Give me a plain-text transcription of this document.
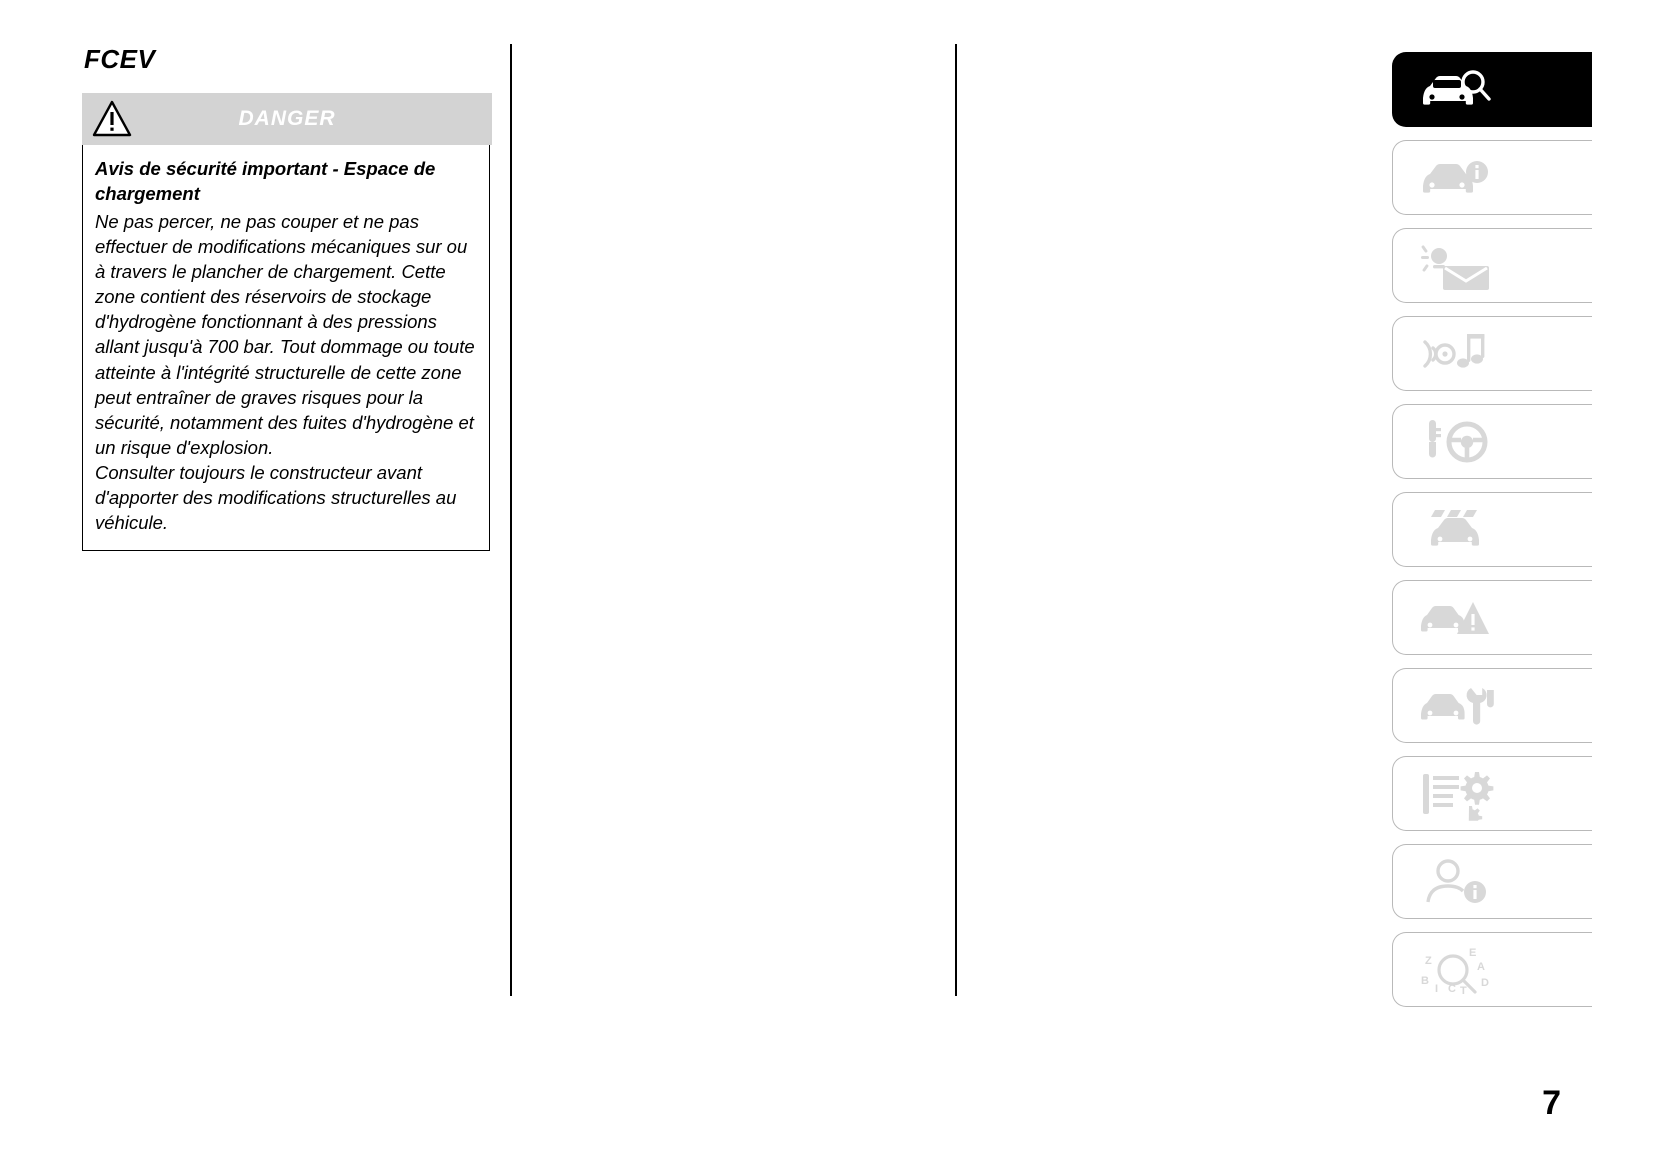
FCEV
DANGER
Avis de sécurité important - Espace de chargement

Ne pas percer, ne pas couper et ne pas effectuer de modifications mécaniques sur ou à travers le plancher de chargement. Cette zone contient des réservoirs de stockage d'hydrogène fonctionnant à des pressions allant jusqu'à 700 bar. Tout dommage ou toute atteinte à l'intégrité structurelle de cette zone peut entraîner de graves risques pour la sécurité, notamment des fuites d'hydrogène et un risque d'explosion.

Consulter toujours le constructeur avant d'apporter des modifications structurelles au véhicule.

Z
B
I C T
E
A
D
7
